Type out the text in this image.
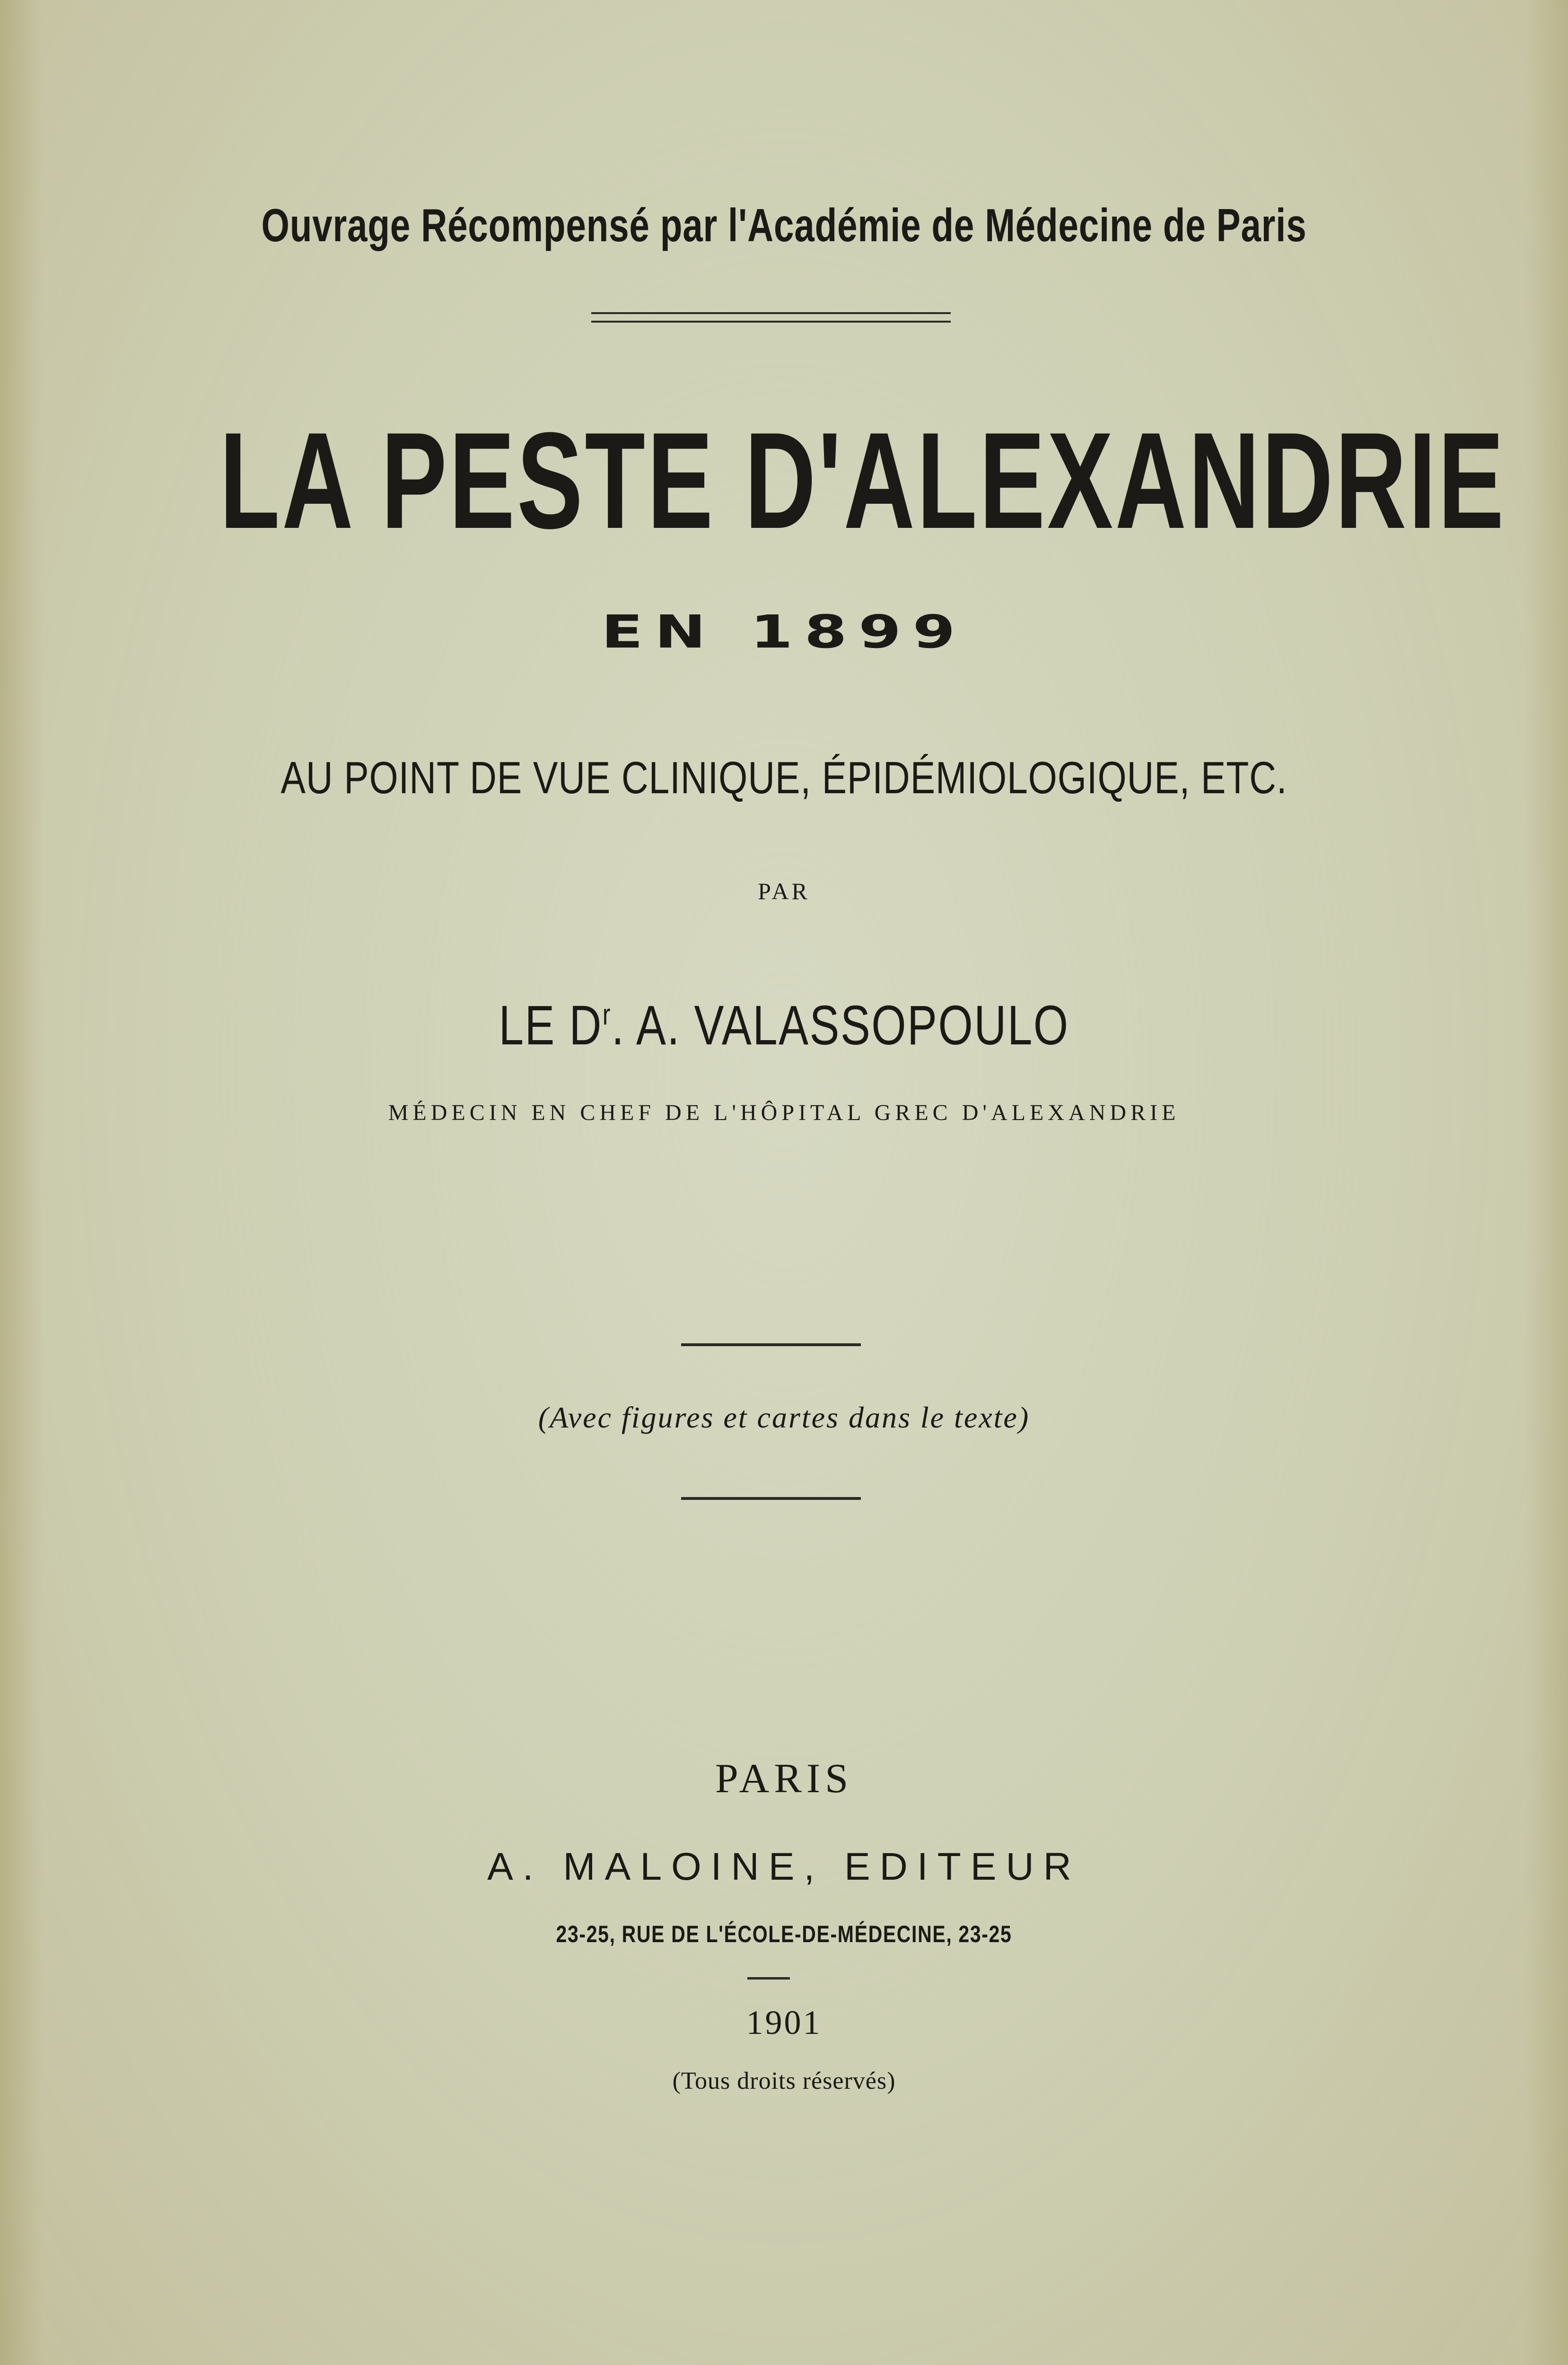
Ouvrage Récompensé par l'Académie de Médecine de Paris
LA PESTE D'ALEXANDRIE
EN 1899
AU POINT DE VUE CLINIQUE, ÉPIDÉMIOLOGIQUE, ETC.
PAR
LE $D^r$. A. VALASSOPOULO
MÉDECIN EN CHEF DE L'HÔPITAL GREC D'ALEXANDRIE
(Avec figures et cartes dans le texte)
PARIS
A. MALOINE, EDITEUR
23-25, RUE DE L'ÉCOLE-DE-MÉDECINE, 23-25
1901
(Tous droits réservés)
